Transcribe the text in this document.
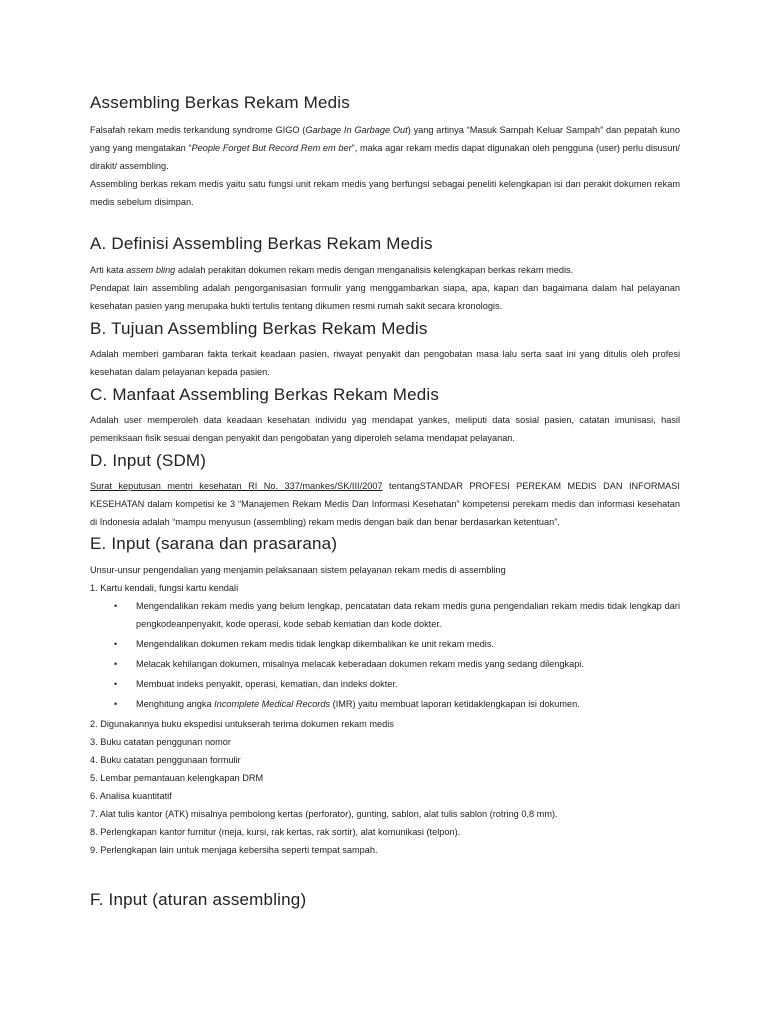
Assembling Berkas Rekam Medis

Falsafah rekam medis terkandung syndrome GIGO (Garbage In Garbage Out) yang artinya “Masuk Sampah Keluar Sampah” dan pepatah kuno yang yang mengatakan “People Forget But Record Rem em ber”, maka agar rekam medis dapat digunakan oleh pengguna (user) perlu disusun/ dirakit/ assembling.

Assembling berkas rekam medis yaitu satu fungsi unit rekam medis yang berfungsi sebagai peneliti kelengkapan isi dan perakit dokumen rekam medis sebelum disimpan.

A. Definisi Assembling Berkas Rekam Medis

Arti kata assem bling adalah perakitan dokumen rekam medis dengan menganalisis kelengkapan berkas rekam medis.

Pendapat lain assembling adalah pengorganisasian formulir yang menggambarkan siapa, apa, kapan dan bagaimana dalam hal pelayanan kesehatan pasien yang merupaka bukti tertulis tentang dikumen resmi rumah sakit secara kronologis.

B. Tujuan Assembling Berkas Rekam Medis

Adalah memberi gambaran fakta terkait keadaan pasien, riwayat penyakit dan pengobatan masa lalu serta saat ini yang ditulis oleh profesi kesehatan dalam pelayanan kepada pasien.

C. Manfaat Assembling Berkas Rekam Medis

Adalah user memperoleh data keadaan kesehatan individu yag mendapat yankes, meliputi data sosial pasien, catatan imunisasi, hasil pemeriksaan fisik sesuai dengan penyakit dan pengobatan yang diperoleh selama mendapat pelayanan.

D. Input (SDM)

Surat keputusan mentri kesehatan RI No. 337/mankes/SK/III/2007 tentangSTANDAR PROFESI PEREKAM MEDIS DAN INFORMASI KESEHATAN dalam kompetisi ke 3 “Manajemen Rekam Medis Dan Informasi Kesehatan” kompetensi perekam medis dan informasi kesehatan di Indonesia adalah “mampu menyusun (assembling) rekam medis dengan baik dan benar berdasarkan ketentuan”.

E. Input (sarana dan prasarana)

Unsur-unsur pengendalian yang menjamin pelaksanaan sistem pelayanan rekam medis di assembling

1. Kartu kendali, fungsi kartu kendali

• Mengendalikan rekam medis yang belum lengkap, pencatatan data rekam medis guna pengendalian rekam medis tidak lengkap dari pengkodeanpenyakit, kode operasi, kode sebab kematian dan kode dokter.
• Mengendalikan dokumen rekam medis tidak lengkap dikembalikan ke unit rekam medis.
• Melacak kehilangan dokumen, misalnya melacak keberadaan dokumen rekam medis yang sedang dilengkapi.
• Membuat indeks penyakit, operasi, kematian, dan indeks dokter.
• Menghitung angka Incomplete Medical Records (IMR) yaitu membuat laporan ketidaklengkapan isi dokumen.

2. Digunakannya buku ekspedisi untukserah terima dokumen rekam medis

3. Buku catatan penggunan nomor

4. Buku catatan penggunaan formulir

5. Lembar pemantauan kelengkapan DRM

6. Analisa kuantitatif

7. Alat tulis kantor (ATK) misalnya pembolong kertas (perforator), gunting, sablon, alat tulis sablon (rotring 0,8 mm).

8. Perlengkapan kantor furnitur (meja, kursi, rak kertas, rak sortir), alat komunikasi (telpon).

9. Perlengkapan lain untuk menjaga kebersiha seperti tempat sampah.

F. Input (aturan assembling)
